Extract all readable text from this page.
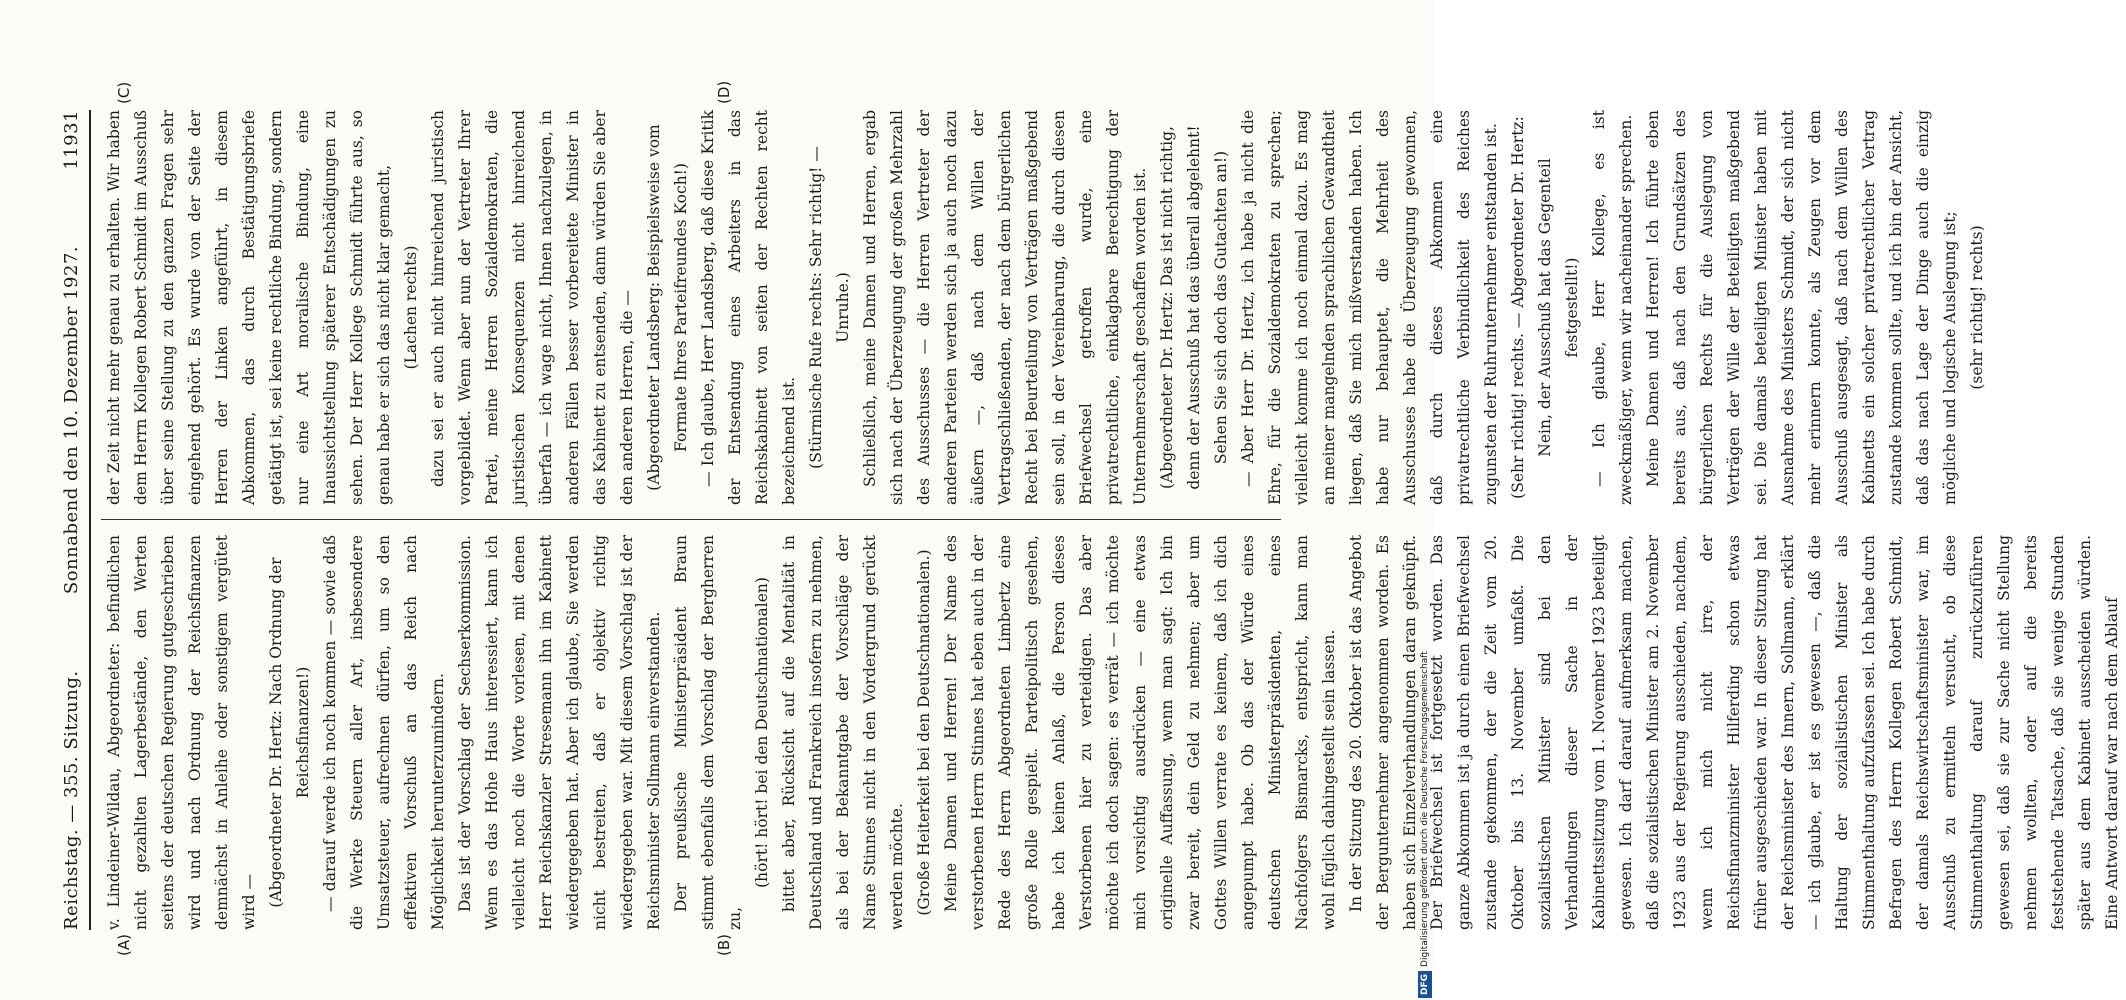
Reichstag. — 355. Sitzung.
Sonnabend den 10. Dezember 1927.
11931

v. Lindeiner-Wildau, Abgeordneter: befindlichen nicht gezahlten Lagerbestände, den Werten seitens der deutschen Regierung gutgeschrieben wird und nach Ordnung der Reichsfinanzen demnächst in Anleihe oder sonstigem vergütet wird — (Abgeordneter Dr. Hertz: Nach Ordnung der Reichsfinanzen!) — darauf werde ich noch kommen — sowie daß die Werke Steuern aller Art, insbesondere Umsatzsteuer, aufrechnen dürfen, um so den effektiven Vorschuß an das Reich nach Möglichkeit herunterzumindern. Das ist der Vorschlag der Sechserkommission. Wenn es das Hohe Haus interessiert, kann ich vielleicht noch die Worte vorlesen, mit denen Herr Reichskanzler Stresemann ihn im Kabinett wiedergegeben hat. Aber ich glaube, Sie werden nicht bestreiten, daß er objektiv richtig wiedergegeben war. Mit diesem Vorschlag ist der Reichsminister Sollmann einverstanden. Der preußische Ministerpräsident Braun stimmt ebenfalls dem Vorschlag der Bergherren zu,

(hört! hört! bei den Deutschnationalen) bittet aber, Rücksicht auf die Mentalität in Deutschland und Frankreich insofern zu nehmen, als bei der Bekanntgabe der Vorschläge der Name Stinnes nicht in den Vordergrund gerückt werden möchte. (Große Heiterkeit bei den Deutschnationalen.) Meine Damen und Herren! Der Name des verstorbenen Herrn Stinnes hat eben auch in der Rede des Herrn Abgeordneten Limbertz eine große Rolle gespielt. Parteipolitisch gesehen, habe ich keinen Anlaß, die Person dieses Verstorbenen hier zu verteidigen. Das aber möchte ich doch sagen: es verrät — ich möchte mich vorsichtig ausdrücken — eine etwas originelle Auffassung, wenn man sagt: Ich bin zwar bereit, dein Geld zu nehmen; aber um Gottes Willen verrate es keinem, daß ich dich angepumpt habe. Ob das der Würde eines deutschen Ministerpräsidenten, eines Nachfolgers Bismarcks, entspricht, kann man wohl füglich dahingestellt sein lassen. In der Sitzung des 20. Oktober ist das Angebot der Bergunternehmer angenommen worden. Es haben sich Einzelverhandlungen daran geknüpft. Der Briefwechsel ist fortgesetzt worden. Das ganze Abkommen ist ja durch einen Briefwechsel zustande gekommen, der die Zeit vom 20. Oktober bis 13. November umfaßt. Die sozialistischen Minister sind bei den Verhandlungen dieser Sache in der Kabinettssitzung vom 1. November 1923 beteiligt gewesen. Ich darf darauf aufmerksam machen, daß die sozialistischen Minister am 2. November 1923 aus der Regierung ausschieden, nachdem, wenn ich mich nicht irre, der Reichsfinanzminister Hilferding schon etwas früher ausgeschieden war. In dieser Sitzung hat der Reichsminister des Innern, Sollmann, erklärt — ich glaube, er ist es gewesen —, daß die Haltung der sozialistischen Minister als Stimmenthaltung aufzufassen sei. Ich habe durch Befragen des Herrn Kollegen Robert Schmidt, der damals Reichswirtschaftsminister war, im Ausschuß zu ermitteln versucht, ob diese Stimmenthaltung darauf zurückzuführen gewesen sei, daß sie zur Sache nicht Stellung nehmen wollten, oder auf die bereits feststehende Tatsache, daß sie wenige Stunden später aus dem Kabinett ausscheiden würden. Eine Antwort darauf war nach dem Ablauf

der Zeit nicht mehr genau zu erhalten. Wir haben dem Herrn Kollegen Robert Schmidt im Ausschuß über seine Stellung zu den ganzen Fragen sehr eingehend gehört. Es wurde von der Seite der Herren der Linken angeführt, in diesem Abkommen, das durch Bestätigungsbriefe getätigt ist, sei keine rechtliche Bindung, sondern nur eine Art moralische Bindung, eine Inaussichtstellung späterer Entschädigungen zu sehen. Der Herr Kollege Schmidt führte aus, so genau habe er sich das nicht klar gemacht, (Lachen rechts) dazu sei er auch nicht hinreichend juristisch vorgebildet. Wenn aber nun der Vertreter Ihrer Partei, meine Herren Sozialdemokraten, die juristischen Konsequenzen nicht hinreichend überfah — ich wage nicht, Ihnen nachzulegen, in anderen Fällen besser vorbereitete Minister in das Kabinett zu entsenden, dann würden Sie aber den anderen Herren, die — (Abgeordneter Landsberg: Beispielsweise vom Formate Ihres Parteifreundes Koch!) — Ich glaube, Herr Landsberg, daß diese Kritik der Entsendung eines Arbeiters in das Reichskabinett von seiten der Rechten recht bezeichnend ist. (Stürmische Rufe rechts: Sehr richtig! — Unruhe.) Schließlich, meine Damen und Herren, ergab sich nach der Überzeugung der großen Mehrzahl des Ausschusses — die Herren Vertreter der anderen Parteien werden sich ja auch noch dazu äußern —, daß nach dem Willen der Vertragschließenden, der nach dem bürgerlichen Recht bei Beurteilung von Verträgen maßgebend sein soll, in der Vereinbarung, die durch diesen Briefwechsel getroffen wurde, eine privatrechtliche, einklagbare Berechtigung der Unternehmerschaft geschaffen worden ist. (Abgeordneter Dr. Hertz: Das ist nicht richtig, denn der Ausschuß hat das überall abgelehnt! Sehen Sie sich doch das Gutachten an!) — Aber Herr Dr. Hertz, ich habe ja nicht die Ehre, für die Sozialdemokraten zu sprechen; vielleicht komme ich noch einmal dazu. Es mag an meiner mangelnden sprachlichen Gewandtheit liegen, daß Sie mich mißverstanden haben. Ich habe nur behauptet, die Mehrheit des Ausschusses habe die Überzeugung gewonnen, daß durch dieses Abkommen eine privatrechtliche Verbindlichkeit des Reiches zugunsten der Ruhrunternehmer entstanden ist. (Sehr richtig! rechts. — Abgeordneter Dr. Hertz: Nein, der Ausschuß hat das Gegenteil festgestellt!) — Ich glaube, Herr Kollege, es ist zweckmäßiger, wenn wir nacheinander sprechen. Meine Damen und Herren! Ich führte eben bereits aus, daß nach den Grundsätzen des bürgerlichen Rechts für die Auslegung von Verträgen der Wille der Beteiligten maßgebend sei. Die damals beteiligten Minister haben mit Ausnahme des Ministers Schmidt, der sich nicht mehr erinnern konnte, als Zeugen vor dem Ausschuß ausgesagt, daß nach dem Willen des Kabinetts ein solcher privatrechtlicher Vertrag zustande kommen sollte, und ich bin der Ansicht, daß das nach Lage der Dinge auch die einzig mögliche und logische Auslegung ist; (sehr richtig! rechts)

(A)	(B)
(C)	(D)
DFGDigitalisierung gefördert durch die Deutsche Forschungsgemeinschaft
